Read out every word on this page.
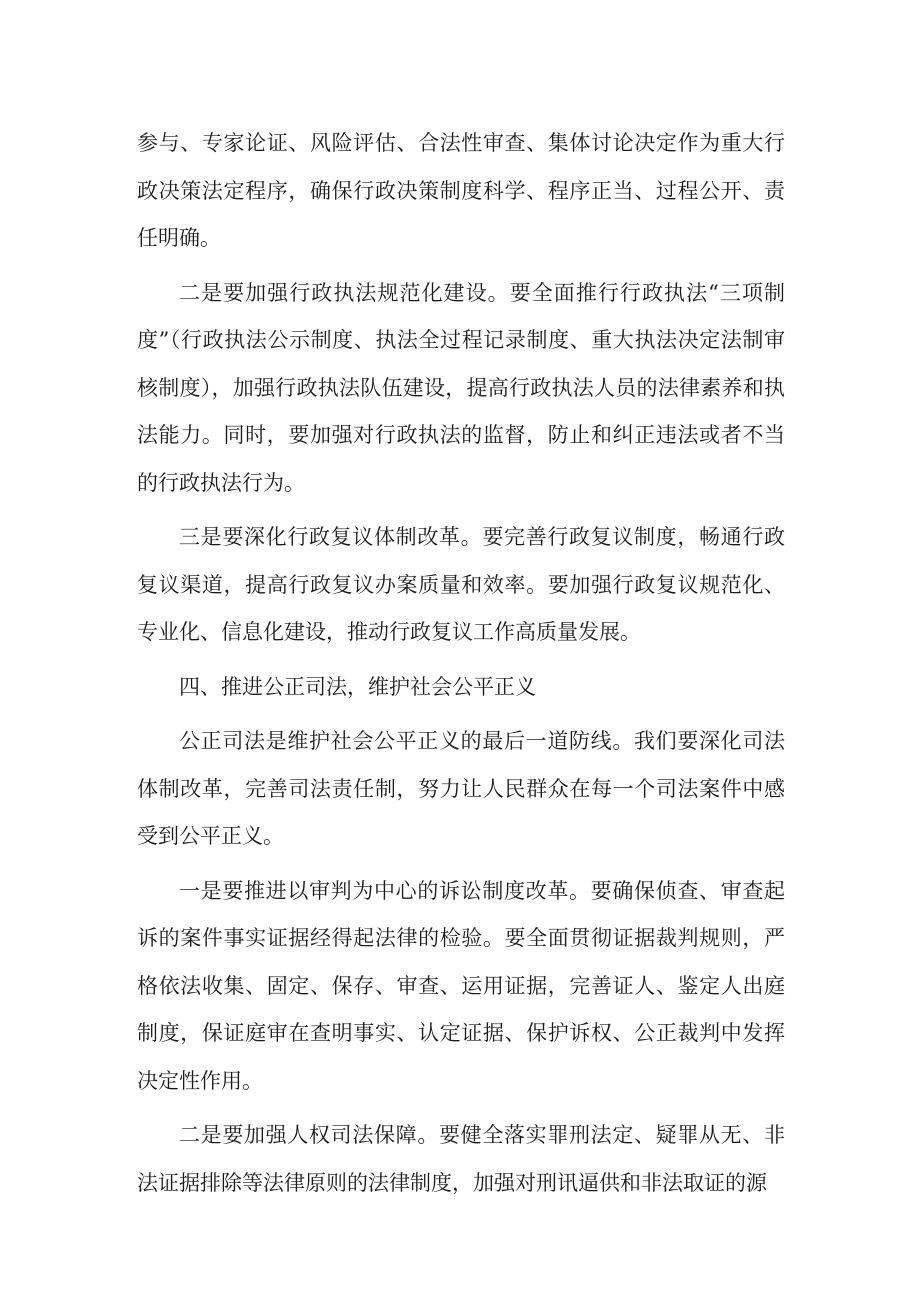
参与、专家论证、风险评估、合法性审查、集体讨论决定作为重大行政决策法定程序，确保行政决策制度科学、程序正当、过程公开、责任明确。

二是要加强行政执法规范化建设。要全面推行行政执法“三项制度”（行政执法公示制度、执法全过程记录制度、重大执法决定法制审核制度），加强行政执法队伍建设，提高行政执法人员的法律素养和执法能力。同时，要加强对行政执法的监督，防止和纠正违法或者不当的行政执法行为。

三是要深化行政复议体制改革。要完善行政复议制度，畅通行政复议渠道，提高行政复议办案质量和效率。要加强行政复议规范化、专业化、信息化建设，推动行政复议工作高质量发展。

四、推进公正司法，维护社会公平正义

公正司法是维护社会公平正义的最后一道防线。我们要深化司法体制改革，完善司法责任制，努力让人民群众在每一个司法案件中感受到公平正义。

一是要推进以审判为中心的诉讼制度改革。要确保侦查、审查起诉的案件事实证据经得起法律的检验。要全面贯彻证据裁判规则，严格依法收集、固定、保存、审查、运用证据，完善证人、鉴定人出庭制度，保证庭审在查明事实、认定证据、保护诉权、公正裁判中发挥决定性作用。

二是要加强人权司法保障。要健全落实罪刑法定、疑罪从无、非法证据排除等法律原则的法律制度，加强对刑讯逼供和非法取证的源
